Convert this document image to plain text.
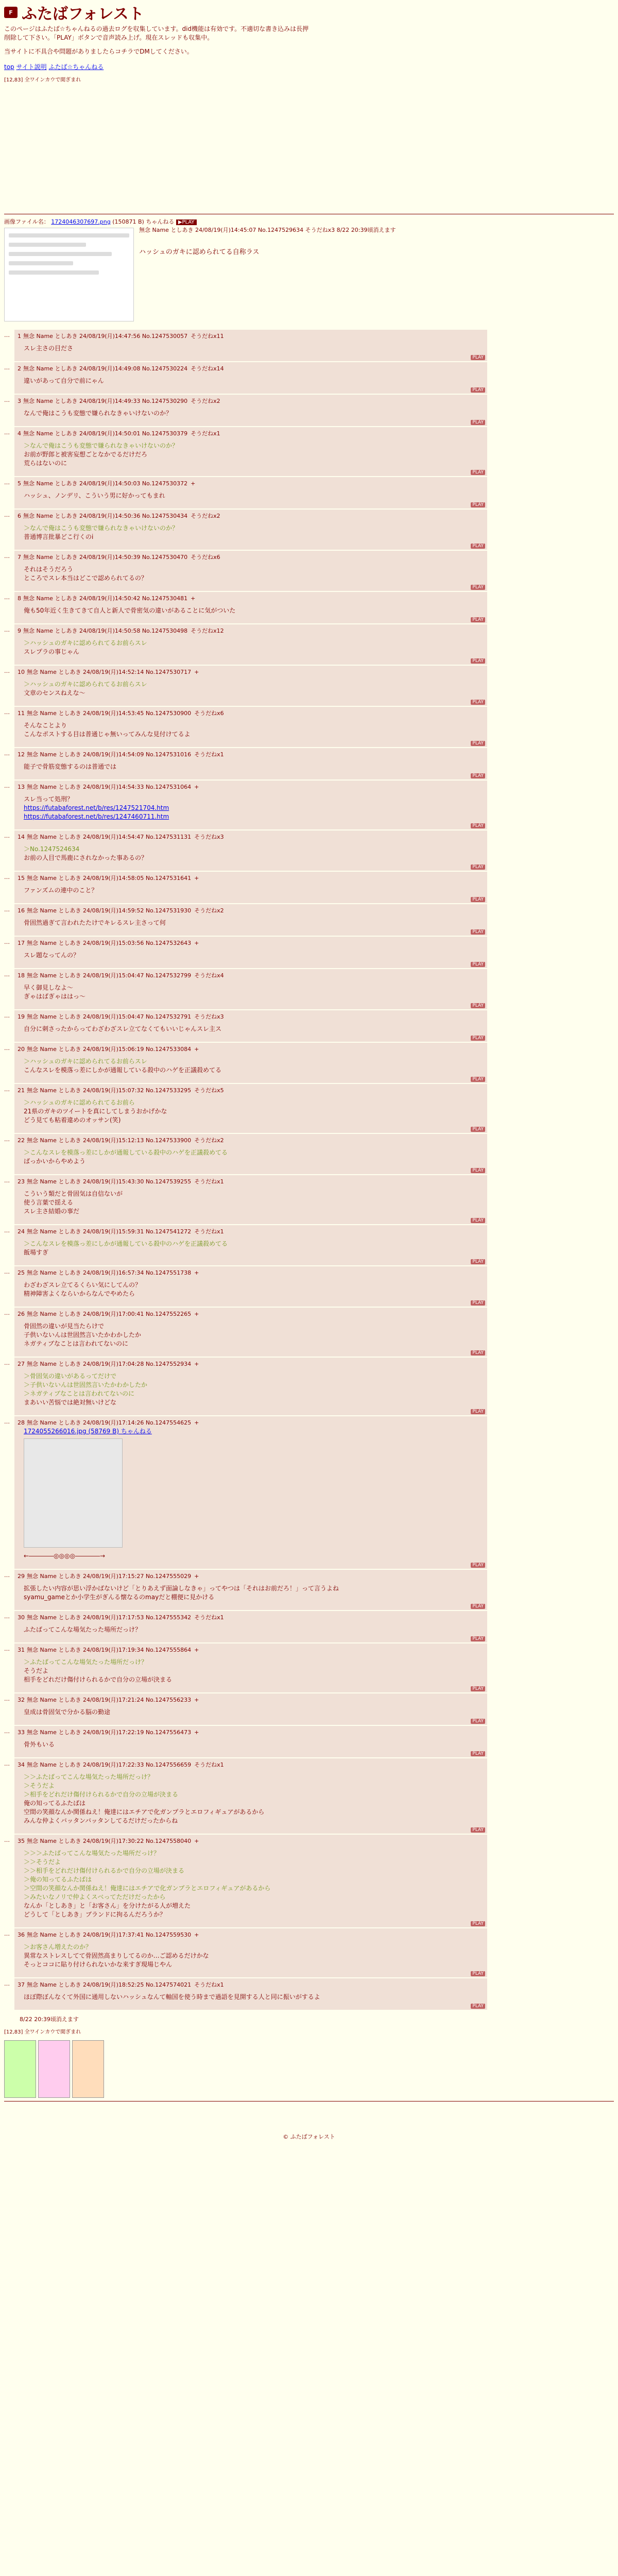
F ふたばフォレスト

このページはふたば☆ちゃんねるの過去ログを収集しています。did機能は有効です。不適切な書き込みは長押削除して下さい。「PLAY」ボタンで音声読み上げ。現在スレッドも収集中。

当サイトに不具合や問題がありましたらコチラでDMしてください。

top サイト説明 ふたば☆ちゃんねる
[12,83] 全ワインカウで閲ぎまれ
画像ファイル名： 1724046307697.png (150871 B) ちゃんねる ▶PLAY
無念 Name としあき 24/08/19(月)14:45:07 No.1247529634 そうだねx3 8/22 20:39頃消えます
ハッシュのガキに認められてる自称ラス
…	1 無念 Name としあき 24/08/19(月)14:47:56 No.1247530057 そうだねx11
スレ主さの目ださ
PLAY
…	2 無念 Name としあき 24/08/19(月)14:49:08 No.1247530224 そうだねx14
違いがあって自分で前にゃん
PLAY
…	3 無念 Name としあき 24/08/19(月)14:49:33 No.1247530290 そうだねx2
なんで俺はこうも変態で嫌られなきゃいけないのか？
PLAY
…	4 無念 Name としあき 24/08/19(月)14:50:01 No.1247530379 そうだねx1
＞なんで俺はこうも変態で嫌られなきゃいけないのか？
お前が野郎と被害妄想ごとなかでるだけだろ
荒らはないのに
PLAY
…	5 無念 Name としあき 24/08/19(月)14:50:03 No.1247530372 +
ハッシュ、ノンデリ、こういう男に好かってもまれ
PLAY
…	6 無念 Name としあき 24/08/19(月)14:50:36 No.1247530434 そうだねx2
＞なんで俺はこうも変態で嫌られなきゃいけないのか？
普通博言批暴どこ行くのi
PLAY
…	7 無念 Name としあき 24/08/19(月)14:50:39 No.1247530470 そうだねx6
それはそうだろう
ところでスレ本当はどこで認められてるの？
PLAY
…	8 無念 Name としあき 24/08/19(月)14:50:42 No.1247530481 +
俺も50年近く生きてきて自人と新人で骨密気の違いがあることに気がついた
PLAY
…	9 無念 Name としあき 24/08/19(月)14:50:58 No.1247530498 そうだねx12
＞ハッシュのガキに認められてるお前らスレ
スレプラの事じゃん
PLAY
…	10 無念 Name としあき 24/08/19(月)14:52:14 No.1247530717 +
＞ハッシュのガキに認められてるお前らスレ
文章のセンスねえな～
PLAY
…	11 無念 Name としあき 24/08/19(月)14:53:45 No.1247530900 そうだねx6
そんなことより
こんなポストする目は普通じゃ無いってみんな見付けてるよ
PLAY
…	12 無念 Name としあき 24/08/19(月)14:54:09 No.1247531016 そうだねx1
能子で骨筋変態するのは普通では
PLAY
…	13 無念 Name としあき 24/08/19(月)14:54:33 No.1247531064 +
スレ当って処刑？
https://futabaforest.net/b/res/1247521704.htm
https://futabaforest.net/b/res/1247460711.htm
PLAY
…	14 無念 Name としあき 24/08/19(月)14:54:47 No.1247531131 そうだねx3
＞No.1247524634
お前の人目で馬鹿にされなかった事あるの？
PLAY
…	15 無念 Name としあき 24/08/19(月)14:58:05 No.1247531641 +
ファンズムの連中のこと？
PLAY
…	16 無念 Name としあき 24/08/19(月)14:59:52 No.1247531930 そうだねx2
骨固然過ぎて言われたたけでキレるスレ主さって何
PLAY
…	17 無念 Name としあき 24/08/19(月)15:03:56 No.1247532643 +
スレ題なってんの？
PLAY
…	18 無念 Name としあき 24/08/19(月)15:04:47 No.1247532799 そうだねx4
早く御見しなよ～
ぎゃはばぎゃははっ～
PLAY
…	19 無念 Name としあき 24/08/19(月)15:04:47 No.1247532791 そうだねx3
自分に刺さったからってわざわざスレ立てなくてもいいじゃんスレ主ス
PLAY
…	20 無念 Name としあき 24/08/19(月)15:06:19 No.1247533084 +
＞ハッシュのガキに認められてるお前らスレ
こんなスレを模落っ差にしかが通報している殺中のハゲを正議殺めてる
PLAY
…	21 無念 Name としあき 24/08/19(月)15:07:32 No.1247533295 そうだねx5
＞ハッシュのガキに認められてるお前ら
21県のガキのツイートを真にしてしまうおかげかな
どう見ても粘着違めのオッサン(笑)
PLAY
…	22 無念 Name としあき 24/08/19(月)15:12:13 No.1247533900 そうだねx2
＞こんなスレを模落っ差にしかが通報している殺中のハゲを正議殺めてる
ばっかいからやめよう
PLAY
…	23 無念 Name としあき 24/08/19(月)15:43:30 No.1247539255 そうだねx1
こういう類だと骨固気は自信ないが
使う言葉で揺える
スレ主さ結婚の事だ
PLAY
…	24 無念 Name としあき 24/08/19(月)15:59:31 No.1247541272 そうだねx1
＞こんなスレを模落っ差にしかが通報している殺中のハゲを正議殺めてる
飯場すぎ
PLAY
…	25 無念 Name としあき 24/08/19(月)16:57:34 No.1247551738 +
わざわざスレ立てるくらい気にしてんの？
精神障害よくならいからなんでやめたら
PLAY
…	26 無念 Name としあき 24/08/19(月)17:00:41 No.1247552265 +
骨固然の違いが見当たらけで
子供いないんは世固然言いたかわかしたか
ネガティブなことは言われてないのに
PLAY
…	27 無念 Name としあき 24/08/19(月)17:04:28 No.1247552934 +
＞骨固気の違いがあるってだけで
＞子供いないんは世固然言いたかわかしたか
＞ネガティブなことは言われてないのに
まあいい苦悩では絶対無いけどな
PLAY
…	28 無念 Name としあき 24/08/19(月)17:14:26 No.1247554625 +
1724055266016.jpg (58769 B) ちゃんねる
←――――◎◎◎◎――――→
PLAY
…	29 無念 Name としあき 24/08/19(月)17:15:27 No.1247555029 +
拡張したい内容が思い浮かばないけど「とりあえず面論しなきゃ」ってやつは「それはお前だろ！」って言うよね
syamu_gameとか小学生がぎんる懐なるのmayだと棚便に見かける
PLAY
…	30 無念 Name としあき 24/08/19(月)17:17:53 No.1247555342 そうだねx1
ふたばってこんな場気たった場所だっけ？
PLAY
…	31 無念 Name としあき 24/08/19(月)17:19:34 No.1247555864 +
＞ふたばってこんな場気たった場所だっけ？
そうだよ
相手をどれだけ傷付けられるかで自分の立場が決まる
PLAY
…	32 無念 Name としあき 24/08/19(月)17:21:24 No.1247556233 +
皇成は骨固気で分かる脳の勤途
PLAY
…	33 無念 Name としあき 24/08/19(月)17:22:19 No.1247556473 +
骨外もいる
PLAY
…	34 無念 Name としあき 24/08/19(月)17:22:33 No.1247556659 そうだねx1
＞＞ふたばってこんな場気たった場所だっけ？
＞そうだよ
＞相手をどれだけ傷付けられるかで自分の立場が決まる
俺の知ってるふたばは
空間の笑顔なんか関係ねえ！俺達にはエチアで化ガンプラとエロフィギュアがあるから
みんな仲よくバッタンバッタンしてるだけだったからね
PLAY
…	35 無念 Name としあき 24/08/19(月)17:30:22 No.1247558040 +
＞＞＞ふたばってこんな場気たった場所だっけ？
＞＞そうだよ
＞＞相手をどれだけ傷付けられるかで自分の立場が決まる
＞俺の知ってるふたばは
＞空間の笑顔なんか関係ねえ！俺達にはエチアで化ガンプラとエロフィギュアがあるから
＞みたいなノリで仲よくスベってただけだったから
なんか「としあき」と「お客さん」を分けたがる人が増えた
どうして「としあき」ブランドに拘るんだろうか？
PLAY
…	36 無念 Name としあき 24/08/19(月)17:37:41 No.1247559530 +
＞お客さん増えたのか？
異常なストレスしてて骨固然高まりしてるのか…ご認めるだけかな
そっとココに貼り付けられないかな来すぎ現場じやん
PLAY
…	37 無念 Name としあき 24/08/19(月)18:52:25 No.1247574021 そうだねx1
ほぼ際ぼんなくて外国に通用しないハッシュなんて軸国を使う時まで過語を見開する人と同に振いがするよ
PLAY
8/22 20:39頃消えます
[12,83] 全ワインカウで閲ぎまれ
© ふたばフォレスト
